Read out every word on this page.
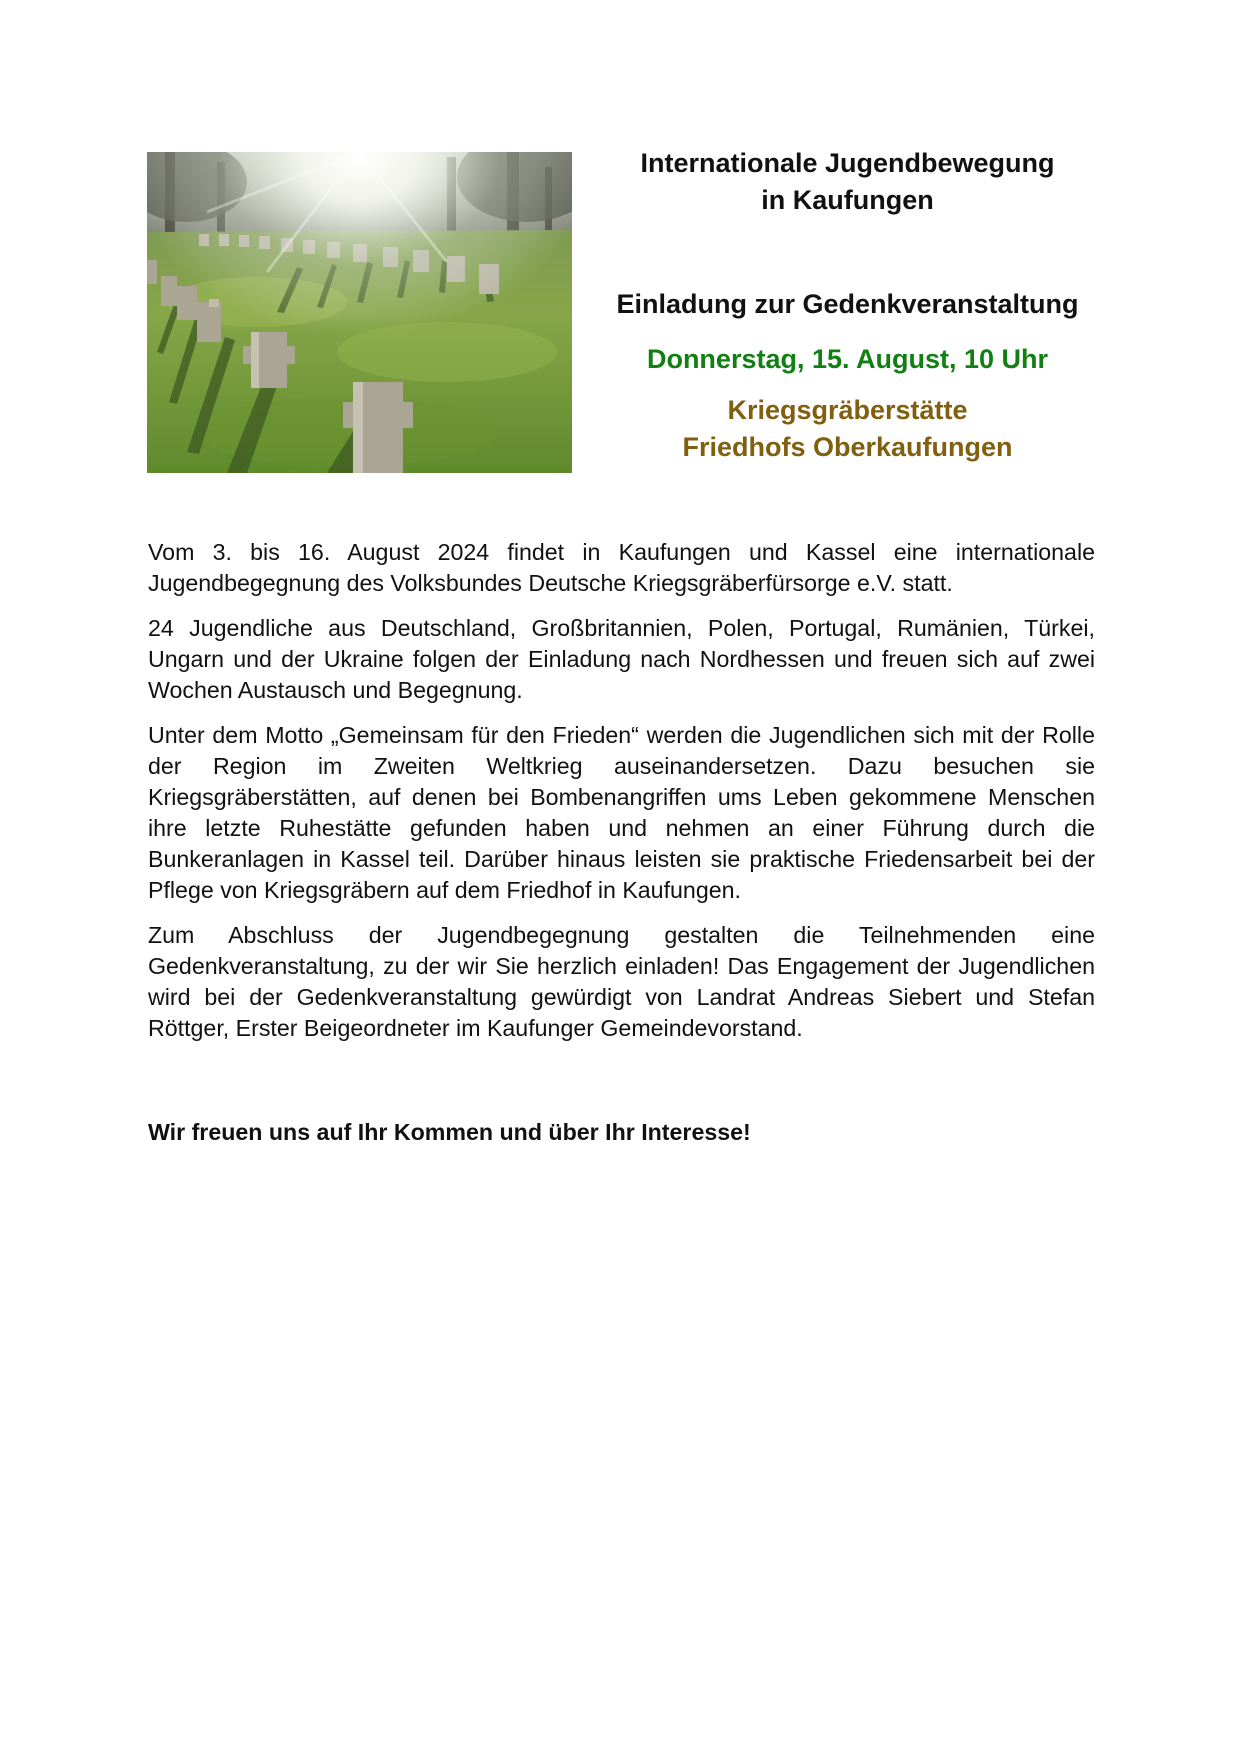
Internationale Jugendbewegung
in Kaufungen
Einladung zur Gedenkveranstaltung
Donnerstag, 15. August, 10 Uhr
Kriegsgräberstätte
Friedhofs Oberkaufungen

Vom 3. bis 16. August 2024 findet in Kaufungen und Kassel eine internationale Jugendbegegnung des Volksbundes Deutsche Kriegsgräberfürsorge e.V. statt.

24 Jugendliche aus Deutschland, Großbritannien, Polen, Portugal, Rumänien, Türkei, Ungarn und der Ukraine folgen der Einladung nach Nordhessen und freuen sich auf zwei Wochen Austausch und Begegnung.

Unter dem Motto „Gemeinsam für den Frieden“ werden die Jugendlichen sich mit der Rolle der Region im Zweiten Weltkrieg auseinandersetzen. Dazu besuchen sie Kriegsgräberstätten, auf denen bei Bombenangriffen ums Leben gekommene Menschen ihre letzte Ruhestätte gefunden haben und nehmen an einer Führung durch die Bunkeranlagen in Kassel teil. Darüber hinaus leisten sie praktische Friedensarbeit bei der Pflege von Kriegsgräbern auf dem Friedhof in Kaufungen.

Zum Abschluss der Jugendbegegnung gestalten die Teilnehmenden eine Gedenkveranstaltung, zu der wir Sie herzlich einladen! Das Engagement der Jugendlichen wird bei der Gedenkveranstaltung gewürdigt von Landrat Andreas Siebert und Stefan Röttger, Erster Beigeordneter im Kaufunger Gemeindevorstand.

Wir freuen uns auf Ihr Kommen und über Ihr Interesse!
